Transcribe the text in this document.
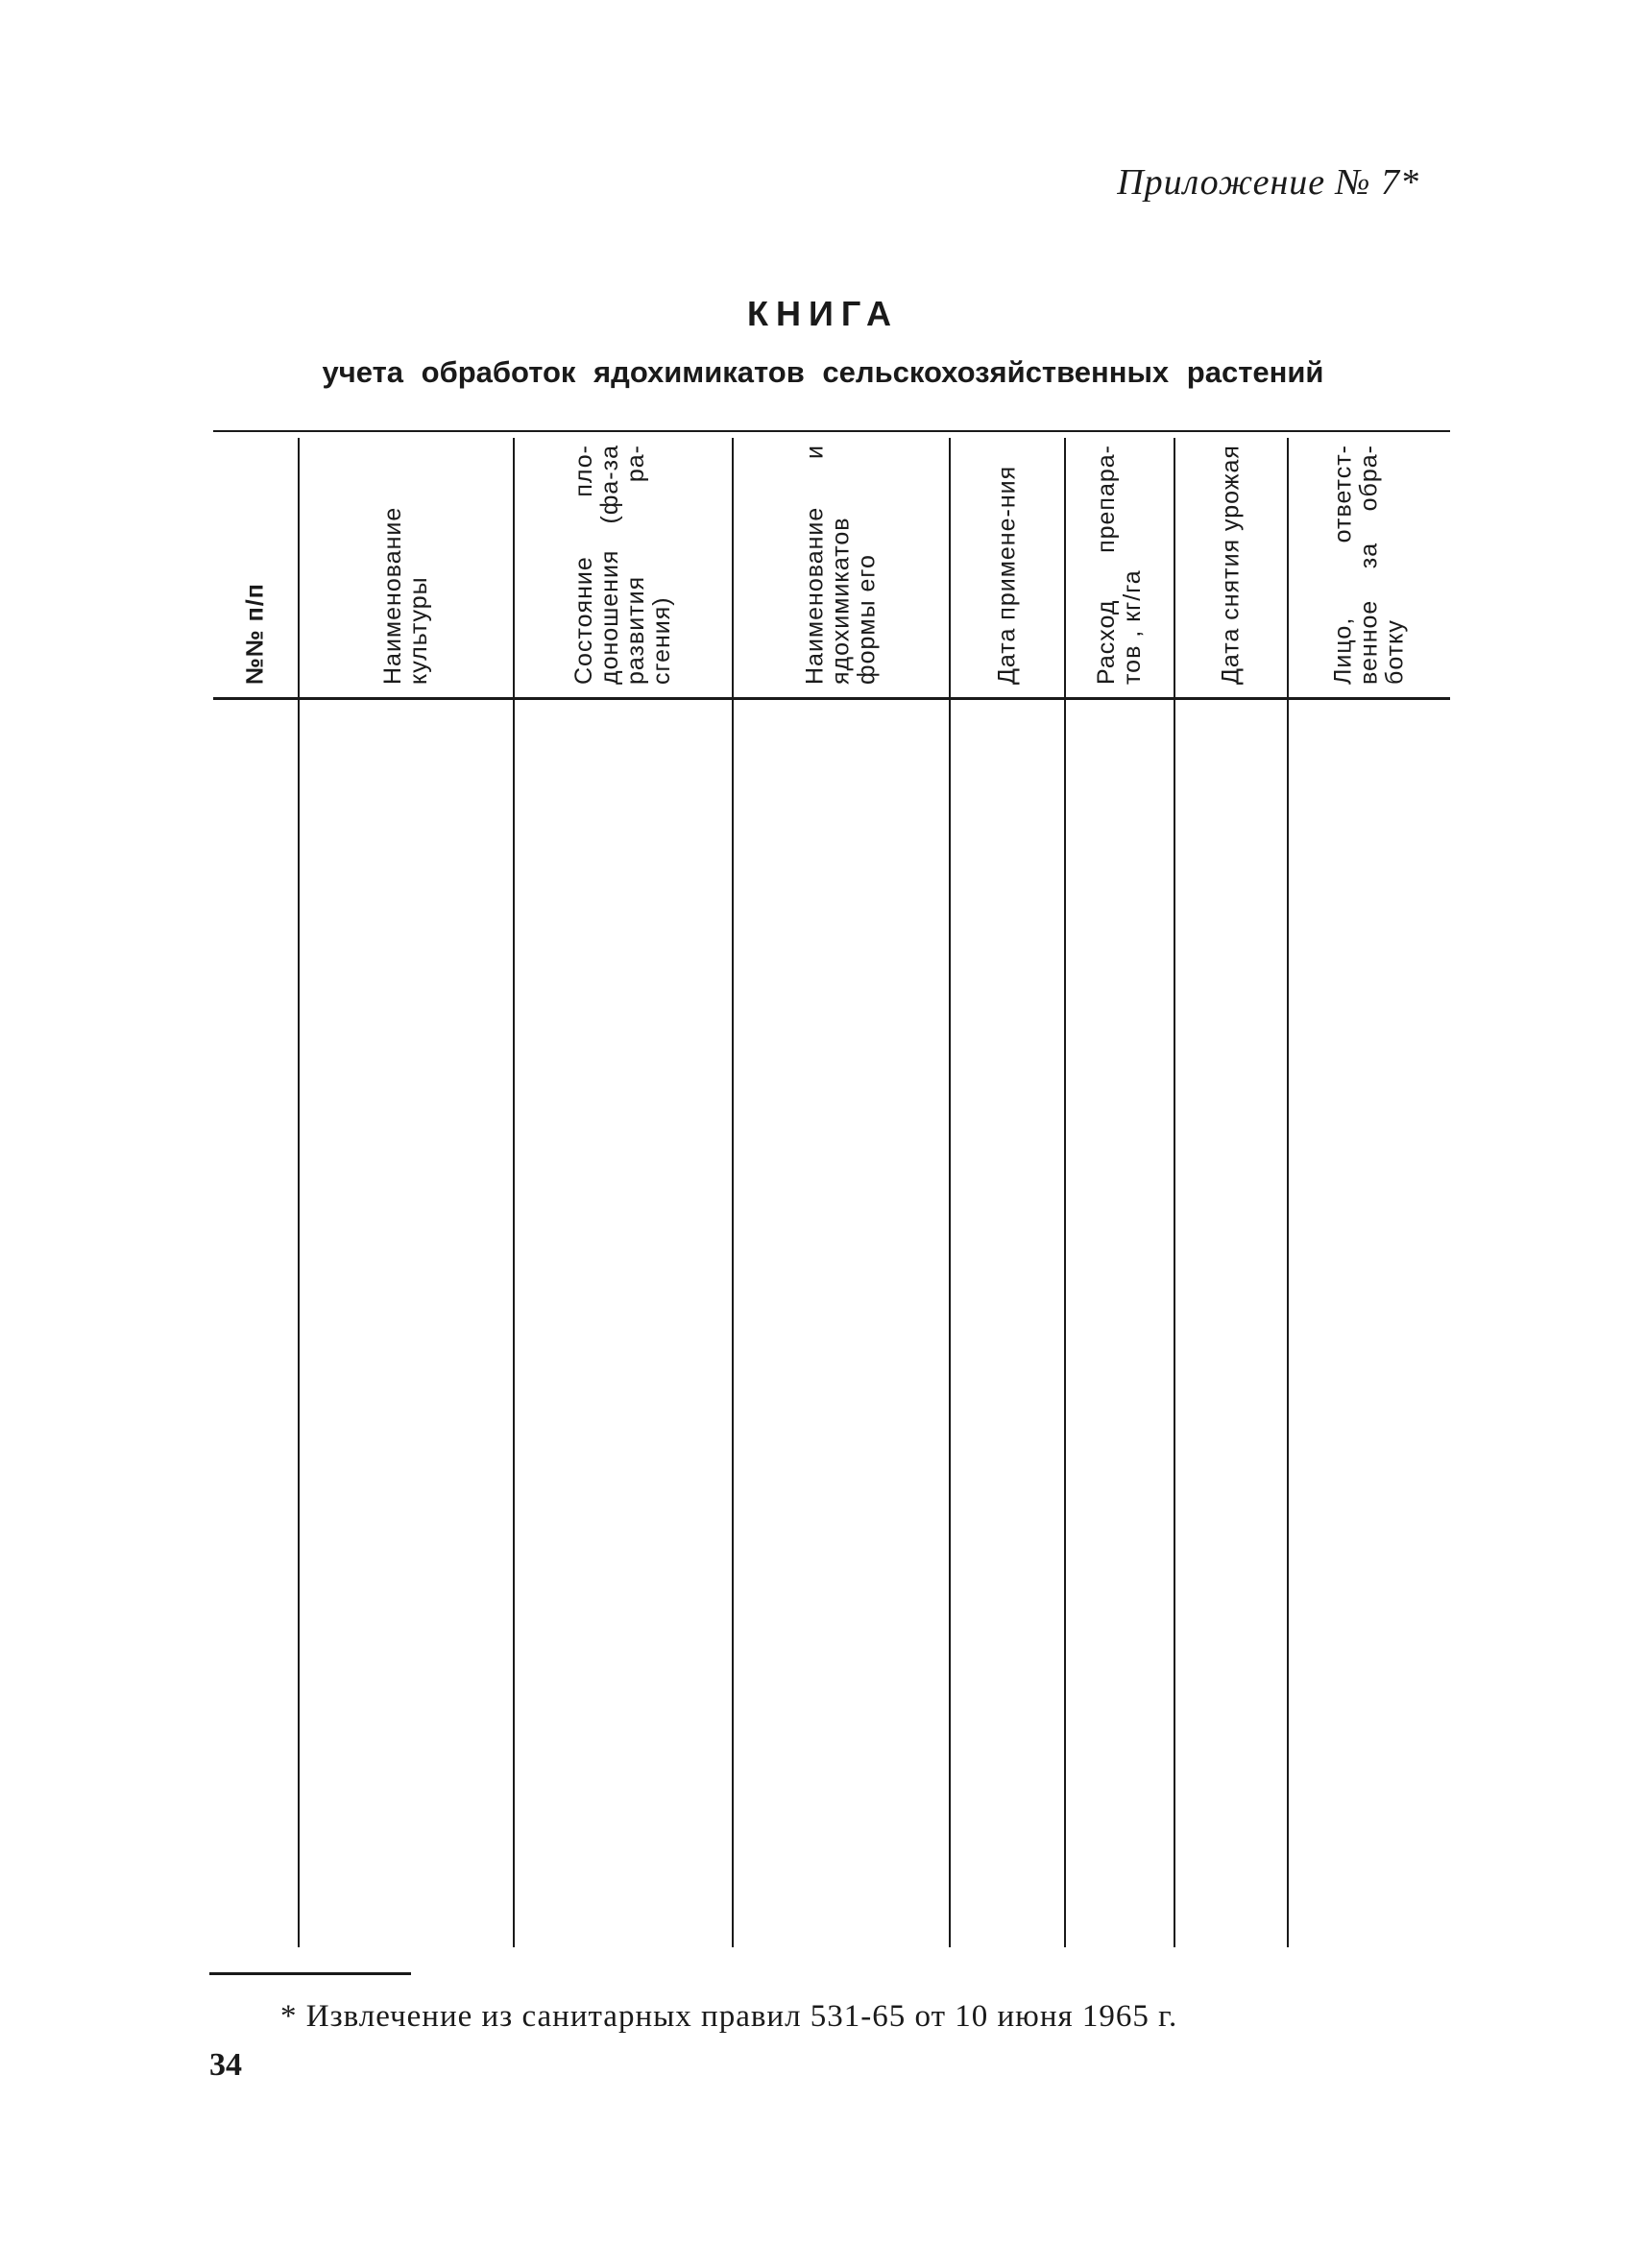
Приложение № 7*
КНИГА
учета обработок ядохимикатов сельскохозяйственных растений
№№ п/п	Наименование культуры	Состояние пло-доношения (фа-за развития ра-сгения)	Наименование и ядохимикатов формы его	Дата примене-ния	Расход препара-тов , кг/га	Дата снятия урожая	Лицо, ответст-венное за обра-ботку
* Извлечение из санитарных правил 531-65 от 10 июня 1965 г.
34
